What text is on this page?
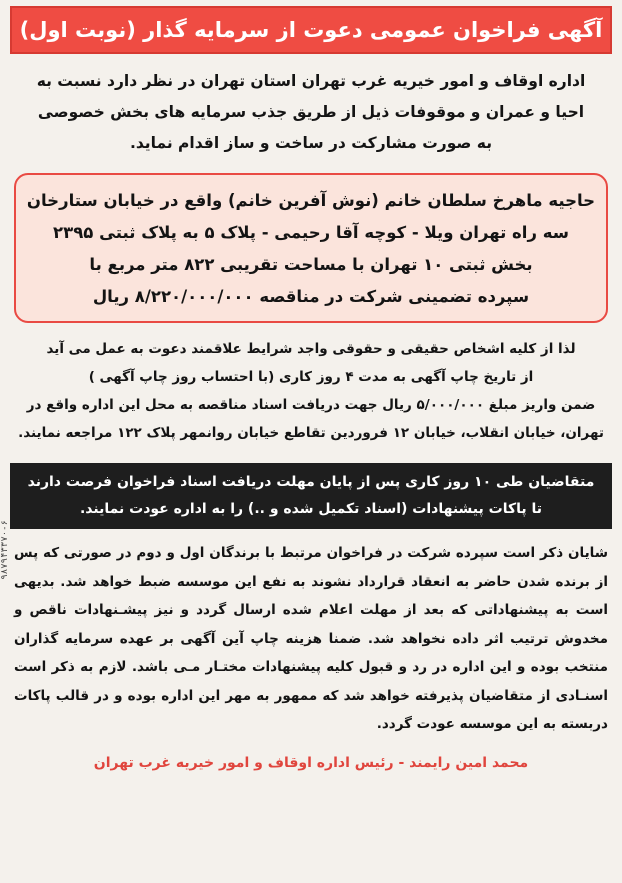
آگهی فراخوان عمومی دعوت از سرمایه گذار (نوبت اول)
اداره اوقاف و امور خیریه غرب تهران استان تهران در نظر دارد نسبت به
احیا و عمران و موقوفات ذیل از طریق جذب سرمایه های بخش خصوصی
به صورت مشارکت در ساخت و ساز اقدام نماید.
حاجیه ماهرخ سلطان خانم (نوش آفرین خانم) واقع در خیابان ستارخان
سه راه تهران ویلا - کوچه آقا رحیمی - پلاک ۵ به پلاک ثبتی ۲۳۹۵
بخش ثبتی ۱۰ تهران با مساحت تقریبی ۸۲۲ متر مربع با
سپرده تضمینی شرکت در مناقصه ۸/۲۲۰/۰۰۰/۰۰۰ ریال

لذا از کلیه اشخاص حقیقی و حقوقی واجد شرایط علاقمند دعوت به عمل می آید

از تاریخ چاپ آگهی به مدت ۴ روز کاری (با احتساب روز چاپ آگهی )

ضمن واریز مبلغ ۵/۰۰۰/۰۰۰ ریال جهت دریافت اسناد مناقصه به محل این اداره واقع در

تهران، خیابان انقلاب، خیابان ۱۲ فروردین تقاطع خیابان روانمهر پلاک ۱۲۲ مراجعه نمایند.

متقاضیان طی ۱۰ روز کاری پس از پایان مهلت دریافت اسناد فراخوان فرصت دارند
تا پاکات پیشنهادات (اسناد تکمیل شده و ..) را به اداره عودت نمایند.
شایان ذکر است سپرده شرکت در فراخوان مرتبط با برندگان اول و دوم در صورتی که پس از برنده شدن حاضر به انعقاد قرارداد نشوند به نفع این موسسه ضبط خواهد شد. بدیهی است به پیشنهاداتی که بعد از مهلت اعلام شده ارسال گردد و نیز پیشـنهادات ناقص و مخدوش ترتیب اثر داده نخواهد شد. ضمنا هزینه چاپ آین آگهی بر عهده سرمایه گذاران منتخب بوده و این اداره در رد و قبول کلیه پیشنهادات مختـار مـی باشد. لازم به ذکر است اسنـادی از متقاضیان پذیرفته خواهد شد که ممهور به مهر این اداره بوده و در قالب پاکات دربسته به این موسسه عودت گردد.
محمد امین رایمند - رئیس اداره اوقاف و امور خیریه غرب تهران
۹۸۷۹۴۳۳۷۰-۶
